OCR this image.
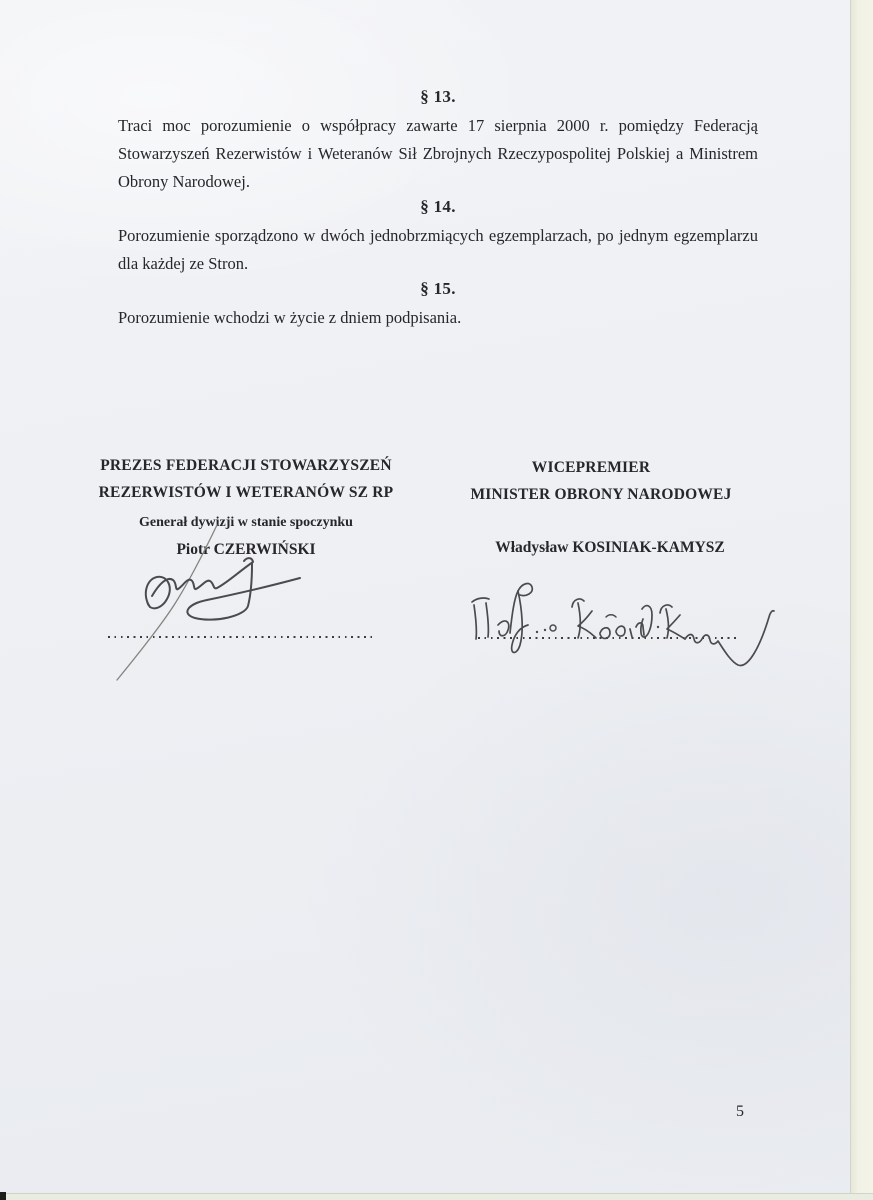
§ 13.
Traci moc porozumienie o współpracy zawarte 17 sierpnia 2000 r. pomiędzy Federacją Stowarzyszeń Rezerwistów i Weteranów Sił Zbrojnych Rzeczypospolitej Polskiej a Ministrem Obrony Narodowej.
§ 14.
Porozumienie sporządzono w dwóch jednobrzmiących egzemplarzach, po jednym egzemplarzu dla każdej ze Stron.
§ 15.
Porozumienie wchodzi w życie z dniem podpisania.
PREZES FEDERACJI STOWARZYSZEŃ
REZERWISTÓW I WETERANÓW SZ RP
Generał dywizji w stanie spoczynku
Piotr CZERWIŃSKI
WICEPREMIER
MINISTER OBRONY NARODOWEJ
Władysław KOSINIAK-KAMYSZ
5
